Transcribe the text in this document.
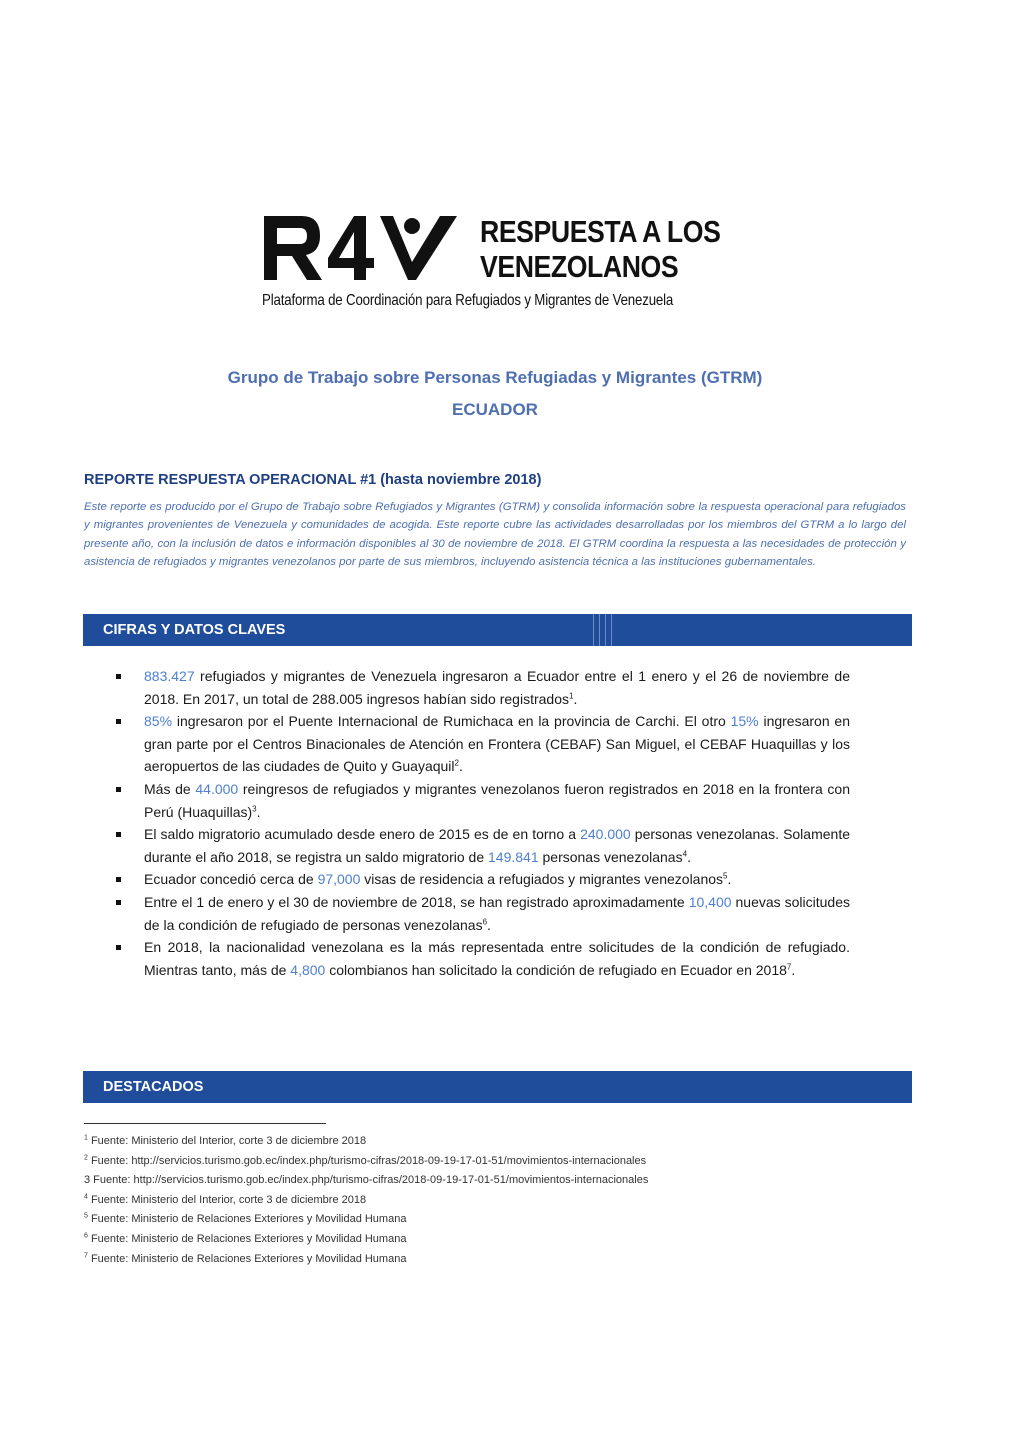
RESPUESTA A LOS
VENEZOLANOS
Plataforma de Coordinación para Refugiados y Migrantes de Venezuela
Grupo de Trabajo sobre Personas Refugiadas y Migrantes (GTRM)
ECUADOR
REPORTE RESPUESTA OPERACIONAL #1 (hasta noviembre 2018)
Este reporte es producido por el Grupo de Trabajo sobre Refugiados y Migrantes (GTRM) y consolida información sobre la respuesta operacional para refugiados y migrantes provenientes de Venezuela y comunidades de acogida. Este reporte cubre las actividades desarrolladas por los miembros del GTRM a lo largo del presente año, con la inclusión de datos e información disponibles al 30 de noviembre de 2018. El GTRM coordina la respuesta a las necesidades de protección y asistencia de refugiados y migrantes venezolanos por parte de sus miembros, incluyendo asistencia técnica a las instituciones gubernamentales.
CIFRAS Y DATOS CLAVES
883.427 refugiados y migrantes de Venezuela ingresaron a Ecuador entre el 1 enero y el 26 de noviembre de 2018. En 2017, un total de 288.005 ingresos habían sido registrados$^1$.
85% ingresaron por el Puente Internacional de Rumichaca en la provincia de Carchi. El otro 15% ingresaron en gran parte por el Centros Binacionales de Atención en Frontera (CEBAF) San Miguel, el CEBAF Huaquillas y los aeropuertos de las ciudades de Quito y Guayaquil$^2$.
Más de 44.000 reingresos de refugiados y migrantes venezolanos fueron registrados en 2018 en la frontera con Perú (Huaquillas)$^3$.
El saldo migratorio acumulado desde enero de 2015 es de en torno a 240.000 personas venezolanas. Solamente durante el año 2018, se registra un saldo migratorio de 149.841 personas venezolanas$^4$.
Ecuador concedió cerca de 97,000 visas de residencia a refugiados y migrantes venezolanos$^5$.
Entre el 1 de enero y el 30 de noviembre de 2018, se han registrado aproximadamente 10,400 nuevas solicitudes de la condición de refugiado de personas venezolanas$^6$.
En 2018, la nacionalidad venezolana es la más representada entre solicitudes de la condición de refugiado. Mientras tanto, más de 4,800 colombianos han solicitado la condición de refugiado en Ecuador en 2018$^7$.
DESTACADOS
$^1$ Fuente: Ministerio del Interior, corte 3 de diciembre 2018
$^2$ Fuente: http://servicios.turismo.gob.ec/index.php/turismo-cifras/2018-09-19-17-01-51/movimientos-internacionales
3 Fuente: http://servicios.turismo.gob.ec/index.php/turismo-cifras/2018-09-19-17-01-51/movimientos-internacionales
$^4$ Fuente: Ministerio del Interior, corte 3 de diciembre 2018
$^5$ Fuente: Ministerio de Relaciones Exteriores y Movilidad Humana
$^6$ Fuente: Ministerio de Relaciones Exteriores y Movilidad Humana
$^7$ Fuente: Ministerio de Relaciones Exteriores y Movilidad Humana
